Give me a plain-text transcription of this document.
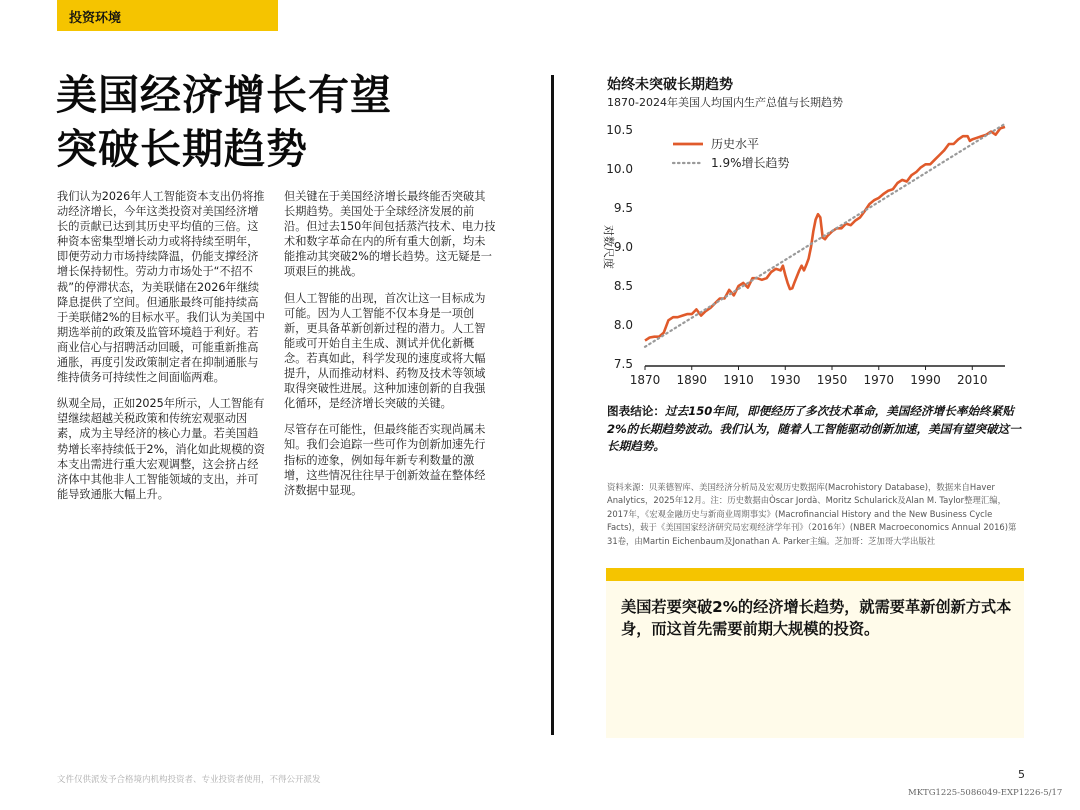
投资环境
美国经济增长有望
突破长期趋势

我们认为2026年人工智能资本支出仍将推动经济增长，今年这类投资对美国经济增长的贡献已达到其历史平均值的三倍。这种资本密集型增长动力或将持续至明年，即便劳动力市场持续降温，仍能支撑经济增长保持韧性。劳动力市场处于“不招不裁”的停滞状态，为美联储在2026年继续降息提供了空间。但通胀最终可能持续高于美联储2%的目标水平。我们认为美国中期选举前的政策及监管环境趋于利好。若商业信心与招聘活动回暖，可能重新推高通胀，再度引发政策制定者在抑制通胀与维持债务可持续性之间面临两难。

纵观全局，正如2025年所示，人工智能有望继续超越关税政策和传统宏观驱动因素，成为主导经济的核心力量。若美国趋势增长率持续低于2%，消化如此规模的资本支出需进行重大宏观调整，这会挤占经济体中其他非人工智能领域的支出，并可能导致通胀大幅上升。

但关键在于美国经济增长最终能否突破其长期趋势。美国处于全球经济发展的前沿。但过去150年间包括蒸汽技术、电力技术和数字革命在内的所有重大创新，均未能推动其突破2%的增长趋势。这无疑是一项艰巨的挑战。

但人工智能的出现，首次让这一目标成为可能。因为人工智能不仅本身是一项创新，更具备革新创新过程的潜力。人工智能或可开始自主生成、测试并优化新概念。若真如此，科学发现的速度或将大幅提升，从而推动材料、药物及技术等领域取得突破性进展。这种加速创新的自我强化循环，是经济增长突破的关键。

尽管存在可能性，但最终能否实现尚属未知。我们会追踪一些可作为创新加速先行指标的迹象，例如每年新专利数量的激增，这些情况往往早于创新效益在整体经济数据中显现。

始终未突破长期趋势
1870-2024年美国人均国内生产总值与长期趋势
7.5
8.0
8.5
9.0
9.5
10.0
10.5
1870 1890 1910 1930 1950 1970 1990 2010
对数尺度
历史水平
1.9%增长趋势
图表结论：过去150年间，即便经历了多次技术革命，美国经济增长率始终紧贴2%的长期趋势波动。我们认为，随着人工智能驱动创新加速，美国有望突破这一长期趋势。
资料来源：贝莱德智库、美国经济分析局及宏观历史数据库(Macrohistory Database)，数据来自Haver Analytics，2025年12月。注：历史数据由Òscar Jordà、Moritz Schularick及Alan M. Taylor整理汇编，2017年，《宏观金融历史与新商业周期事实》(Macrofinancial History and the New Business Cycle Facts)，载于《美国国家经济研究局宏观经济学年刊》（2016年）(NBER Macroeconomics Annual 2016)第31卷，由Martin Eichenbaum及Jonathan A. Parker主编。芝加哥：芝加哥大学出版社
美国若要突破2%的经济增长趋势，就需要革新创新方式本身，而这首先需要前期大规模的投资。
文件仅供派发予合格境内机构投资者、专业投资者使用，不得公开派发	5
MKTG1225-5086049-EXP1226-5/17
